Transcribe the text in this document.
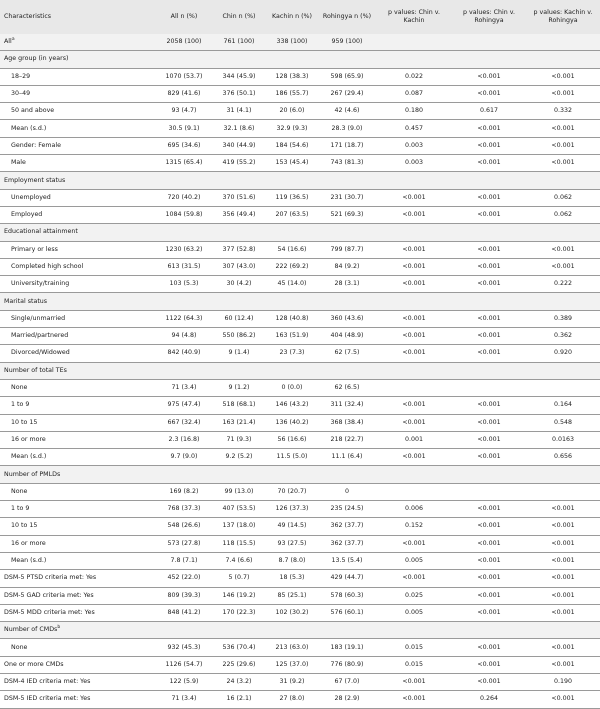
Characteristics	All n (%)	Chin n (%)	Kachin n (%)	Rohingya n (%)	p values: Chin v. Kachin	p values: Chin v. Rohingya	p values: Kachin v. Rohingya
All$^a$	2058 (100)	761 (100)	338 (100)	959 (100)			
Age group (in years)							
18–29	1070 (53.7)	344 (45.9)	128 (38.3)	598 (65.9)	0.022	<0.001	<0.001
30–49	829 (41.6)	376 (50.1)	186 (55.7)	267 (29.4)	0.087	<0.001	<0.001
50 and above	93 (4.7)	31 (4.1)	20 (6.0)	42 (4.6)	0.180	0.617	0.332
Mean (s.d.)	30.5 (9.1)	32.1 (8.6)	32.9 (9.3)	28.3 (9.0)	0.457	<0.001	<0.001
Gender: Female	695 (34.6)	340 (44.9)	184 (54.6)	171 (18.7)	0.003	<0.001	<0.001
Male	1315 (65.4)	419 (55.2)	153 (45.4)	743 (81.3)	0.003	<0.001	<0.001
Employment status							
Unemployed	720 (40.2)	370 (51.6)	119 (36.5)	231 (30.7)	<0.001	<0.001	0.062
Employed	1084 (59.8)	356 (49.4)	207 (63.5)	521 (69.3)	<0.001	<0.001	0.062
Educational attainment							
Primary or less	1230 (63.2)	377 (52.8)	54 (16.6)	799 (87.7)	<0.001	<0.001	<0.001
Completed high school	613 (31.5)	307 (43.0)	222 (69.2)	84 (9.2)	<0.001	<0.001	<0.001
University/training	103 (5.3)	30 (4.2)	45 (14.0)	28 (3.1)	<0.001	<0.001	0.222
Marital status							
Single/unmarried	1122 (64.3)	60 (12.4)	128 (40.8)	360 (43.6)	<0.001	<0.001	0.389
Married/partnered	94 (4.8)	550 (86.2)	163 (51.9)	404 (48.9)	<0.001	<0.001	0.362
Divorced/Widowed	842 (40.9)	9 (1.4)	23 (7.3)	62 (7.5)	<0.001	<0.001	0.920
Number of total TEs							
None	71 (3.4)	9 (1.2)	0 (0.0)	62 (6.5)			
1 to 9	975 (47.4)	518 (68.1)	146 (43.2)	311 (32.4)	<0.001	<0.001	0.164
10 to 15	667 (32.4)	163 (21.4)	136 (40.2)	368 (38.4)	<0.001	<0.001	0.548
16 or more	2.3 (16.8)	71 (9.3)	56 (16.6)	218 (22.7)	0.001	<0.001	0.0163
Mean (s.d.)	9.7 (9.0)	9.2 (5.2)	11.5 (5.0)	11.1 (6.4)	<0.001	<0.001	0.656
Number of PMLDs							
None	169 (8.2)	99 (13.0)	70 (20.7)	0			
1 to 9	768 (37.3)	407 (53.5)	126 (37.3)	235 (24.5)	0.006	<0.001	<0.001
10 to 15	548 (26.6)	137 (18.0)	49 (14.5)	362 (37.7)	0.152	<0.001	<0.001
16 or more	573 (27.8)	118 (15.5)	93 (27.5)	362 (37.7)	<0.001	<0.001	<0.001
Mean (s.d.)	7.8 (7.1)	7.4 (6.6)	8.7 (8.0)	13.5 (5.4)	0.005	<0.001	<0.001
DSM-5 PTSD criteria met: Yes	452 (22.0)	5 (0.7)	18 (5.3)	429 (44.7)	<0.001	<0.001	<0.001
DSM-5 GAD criteria met: Yes	809 (39.3)	146 (19.2)	85 (25.1)	578 (60.3)	0.025	<0.001	<0.001
DSM-5 MDD criteria met: Yes	848 (41.2)	170 (22.3)	102 (30.2)	576 (60.1)	0.005	<0.001	<0.001
Number of CMDs$^b$
None	932 (45.3)	536 (70.4)	213 (63.0)	183 (19.1)	0.015	<0.001	<0.001
One or more CMDs	1126 (54.7)	225 (29.6)	125 (37.0)	776 (80.9)	0.015	<0.001	<0.001
DSM-4 IED criteria met: Yes	122 (5.9)	24 (3.2)	31 (9.2)	67 (7.0)	<0.001	<0.001	0.190
DSM-5 IED criteria met: Yes	71 (3.4)	16 (2.1)	27 (8.0)	28 (2.9)	<0.001	0.264	<0.001
